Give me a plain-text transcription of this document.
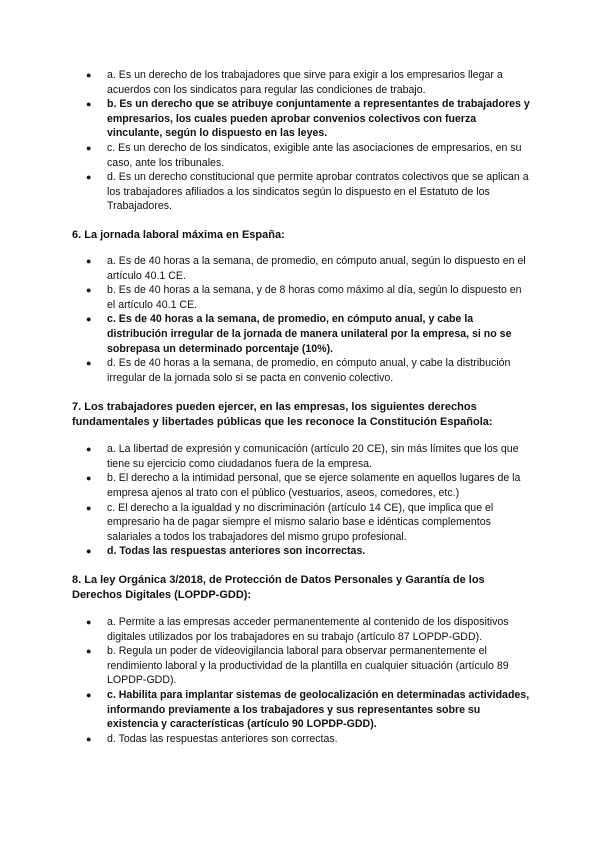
● a. Es un derecho de los trabajadores que sirve para exigir a los empresarios llegar a acuerdos con los sindicatos para regular las condiciones de trabajo.
● b. Es un derecho que se atribuye conjuntamente a representantes de trabajadores y empresarios, los cuales pueden aprobar convenios colectivos con fuerza vinculante, según lo dispuesto en las leyes.
● c. Es un derecho de los sindicatos, exigible ante las asociaciones de empresarios, en su caso, ante los tribunales.
● d. Es un derecho constitucional que permite aprobar contratos colectivos que se aplican a los trabajadores afiliados a los sindicatos según lo dispuesto en el Estatuto de los Trabajadores.

6. La jornada laboral máxima en España:

● a. Es de 40 horas a la semana, de promedio, en cómputo anual, según lo dispuesto en el artículo 40.1 CE.
● b. Es de 40 horas a la semana, y de 8 horas como máximo al día, según lo dispuesto en el artículo 40.1 CE.
● c. Es de 40 horas a la semana, de promedio, en cómputo anual, y cabe la distribución irregular de la jornada de manera unilateral por la empresa, si no se sobrepasa un determinado porcentaje (10%).
● d. Es de 40 horas a la semana, de promedio, en cómputo anual, y cabe la distribución irregular de la jornada solo si se pacta en convenio colectivo.

7. Los trabajadores pueden ejercer, en las empresas, los siguientes derechos fundamentales y libertades públicas que les reconoce la Constitución Española:

● a. La libertad de expresión y comunicación (artículo 20 CE), sin más límites que los que tiene su ejercicio como ciudadanos fuera de la empresa.
● b. El derecho a la intimidad personal, que se ejerce solamente en aquellos lugares de la empresa ajenos al trato con el público (vestuarios, aseos, comedores, etc.)
● c. El derecho a la igualdad y no discriminación (artículo 14 CE), que implica que el empresario ha de pagar siempre el mismo salario base e idénticas complementos salariales a todos los trabajadores del mismo grupo profesional.
● d. Todas las respuestas anteriores son incorrectas.

8. La ley Orgánica 3/2018, de Protección de Datos Personales y Garantía de los Derechos Digitales (LOPDP-GDD):

● a. Permite a las empresas acceder permanentemente al contenido de los dispositivos digitales utilizados por los trabajadores en su trabajo (artículo 87 LOPDP-GDD).
● b. Regula un poder de videovigilancia laboral para observar permanentemente el rendimiento laboral y la productividad de la plantilla en cualquier situación (artículo 89 LOPDP-GDD).
● c. Habilita para implantar sistemas de geolocalización en determinadas actividades, informando previamente a los trabajadores y sus representantes sobre su existencia y características (artículo 90 LOPDP-GDD).
● d. Todas las respuestas anteriores son correctas.
